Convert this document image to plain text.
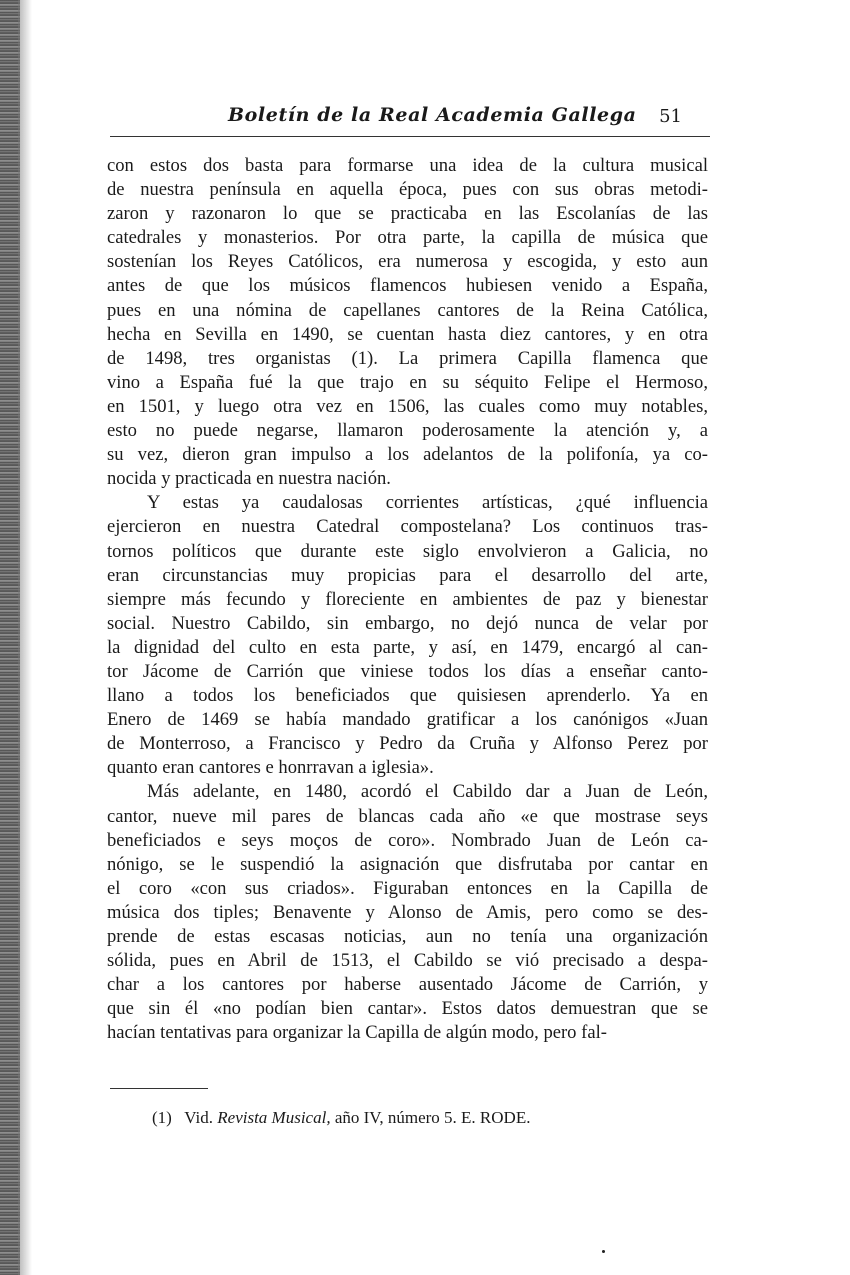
Boletín de la Real Academia Gallega 51
con estos dos basta para formarse una idea de la cultura musical
de nuestra península en aquella época, pues con sus obras metodi-
zaron y razonaron lo que se practicaba en las Escolanías de las
catedrales y monasterios. Por otra parte, la capilla de música que
sostenían los Reyes Católicos, era numerosa y escogida, y esto aun
antes de que los músicos flamencos hubiesen venido a España,
pues en una nómina de capellanes cantores de la Reina Católica,
hecha en Sevilla en 1490, se cuentan hasta diez cantores, y en otra
de 1498, tres organistas (1). La primera Capilla flamenca que
vino a España fué la que trajo en su séquito Felipe el Hermoso,
en 1501, y luego otra vez en 1506, las cuales como muy notables,
esto no puede negarse, llamaron poderosamente la atención y, a
su vez, dieron gran impulso a los adelantos de la polifonía, ya co-
nocida y practicada en nuestra nación.
Y estas ya caudalosas corrientes artísticas, ¿qué influencia
ejercieron en nuestra Catedral compostelana? Los continuos tras-
tornos políticos que durante este siglo envolvieron a Galicia, no
eran circunstancias muy propicias para el desarrollo del arte,
siempre más fecundo y floreciente en ambientes de paz y bienestar
social. Nuestro Cabildo, sin embargo, no dejó nunca de velar por
la dignidad del culto en esta parte, y así, en 1479, encargó al can-
tor Jácome de Carrión que viniese todos los días a enseñar canto-
llano a todos los beneficiados que quisiesen aprenderlo. Ya en
Enero de 1469 se había mandado gratificar a los canónigos «Juan
de Monterroso, a Francisco y Pedro da Cruña y Alfonso Perez por
quanto eran cantores e honrravan a iglesia».
Más adelante, en 1480, acordó el Cabildo dar a Juan de León,
cantor, nueve mil pares de blancas cada año «e que mostrase seys
beneficiados e seys moços de coro». Nombrado Juan de León ca-
nónigo, se le suspendió la asignación que disfrutaba por cantar en
el coro «con sus criados». Figuraban entonces en la Capilla de
música dos tiples; Benavente y Alonso de Amis, pero como se des-
prende de estas escasas noticias, aun no tenía una organización
sólida, pues en Abril de 1513, el Cabildo se vió precisado a despa-
char a los cantores por haberse ausentado Jácome de Carrión, y
que sin él «no podían bien cantar». Estos datos demuestran que se
hacían tentativas para organizar la Capilla de algún modo, pero fal-
(1) Vid. Revista Musical, año IV, número 5. E. RODE.
